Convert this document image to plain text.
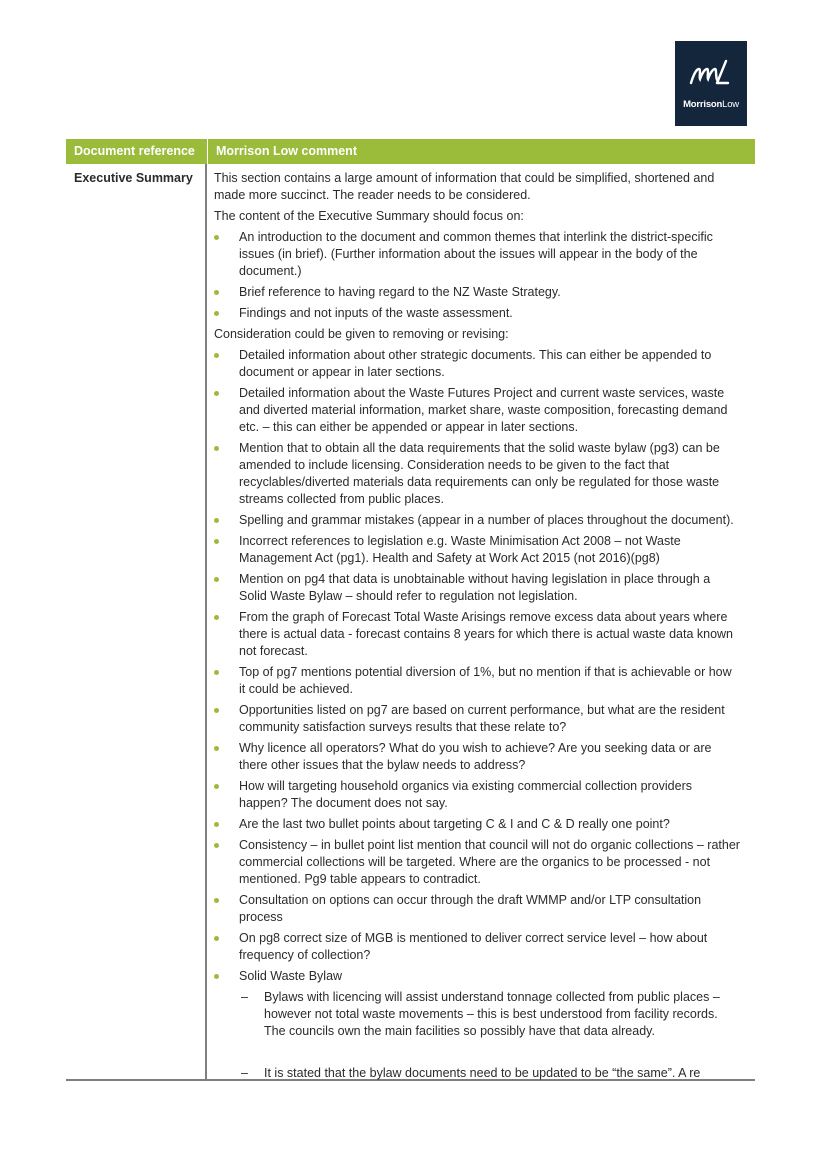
MorrisonLow
Document reference	Morrison Low comment
Executive Summary	This section contains a large amount of information that could be simplified, shortened and made more succinct. The reader needs to be considered.

The content of the Executive Summary should focus on:

An introduction to the document and common themes that interlink the district-specific issues (in brief). (Further information about the issues will appear in the body of the document.)
Brief reference to having regard to the NZ Waste Strategy.
Findings and not inputs of the waste assessment.

Consideration could be given to removing or revising:

Detailed information about other strategic documents. This can either be appended to document or appear in later sections.
Detailed information about the Waste Futures Project and current waste services, waste and diverted material information, market share, waste composition, forecasting demand etc. – this can either be appended or appear in later sections.
Mention that to obtain all the data requirements that the solid waste bylaw (pg3) can be amended to include licensing. Consideration needs to be given to the fact that recyclables/diverted materials data requirements can only be regulated for those waste streams collected from public places.
Spelling and grammar mistakes (appear in a number of places throughout the document).
Incorrect references to legislation e.g. Waste Minimisation Act 2008 – not Waste Management Act (pg1). Health and Safety at Work Act 2015 (not 2016)(pg8)
Mention on pg4 that data is unobtainable without having legislation in place through a Solid Waste Bylaw – should refer to regulation not legislation.
From the graph of Forecast Total Waste Arisings remove excess data about years where there is actual data - forecast contains 8 years for which there is actual waste data known not forecast.
Top of pg7 mentions potential diversion of 1%, but no mention if that is achievable or how it could be achieved.
Opportunities listed on pg7 are based on current performance, but what are the resident community satisfaction surveys results that these relate to?
Why licence all operators? What do you wish to achieve? Are you seeking data or are there other issues that the bylaw needs to address?
How will targeting household organics via existing commercial collection providers happen? The document does not say.
Are the last two bullet points about targeting C & I and C & D really one point?
Consistency – in bullet point list mention that council will not do organic collections – rather commercial collections will be targeted. Where are the organics to be processed - not mentioned. Pg9 table appears to contradict.
Consultation on options can occur through the draft WMMP and/or LTP consultation process
On pg8 correct size of MGB is mentioned to deliver correct service level – how about frequency of collection?
Solid Waste Bylaw
– Bylaws with licencing will assist understand tonnage collected from public places – however not total waste movements – this is best understood from facility records. The councils own the main facilities so possibly have that data already.
– It is stated that the bylaw documents need to be updated to be “the same”. A re
